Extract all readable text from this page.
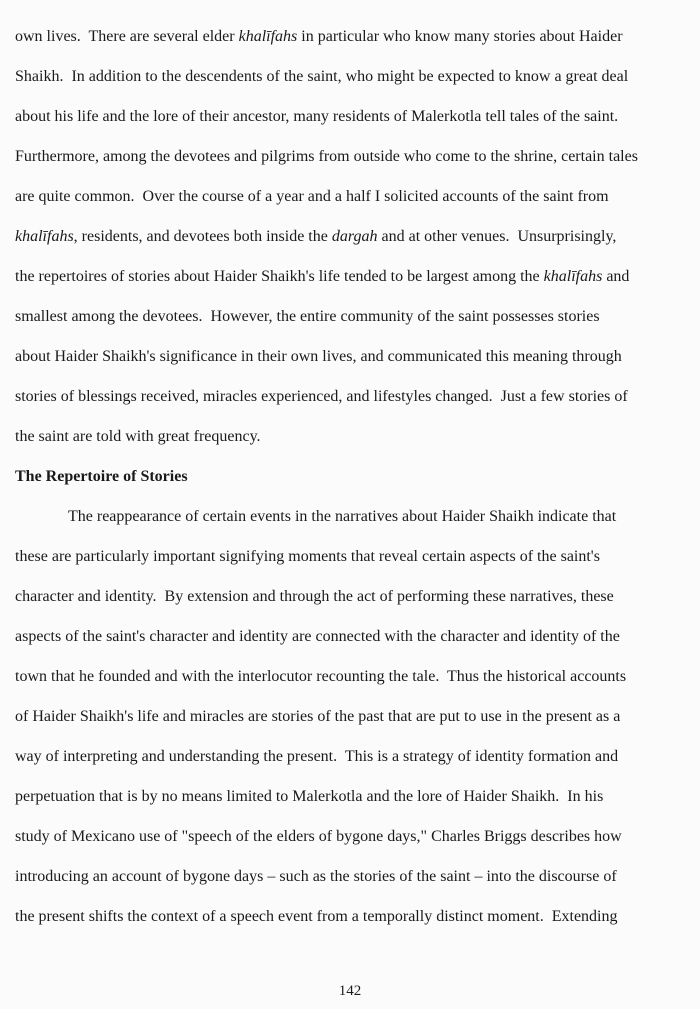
own lives.  There are several elder khalīfahs in particular who know many stories about Haider
Shaikh.  In addition to the descendents of the saint, who might be expected to know a great deal
about his life and the lore of their ancestor, many residents of Malerkotla tell tales of the saint.
Furthermore, among the devotees and pilgrims from outside who come to the shrine, certain tales
are quite common.  Over the course of a year and a half I solicited accounts of the saint from
khalīfahs, residents, and devotees both inside the dargah and at other venues.  Unsurprisingly,
the repertoires of stories about Haider Shaikh's life tended to be largest among the khalīfahs and
smallest among the devotees.  However, the entire community of the saint possesses stories
about Haider Shaikh's significance in their own lives, and communicated this meaning through
stories of blessings received, miracles experienced, and lifestyles changed.  Just a few stories of
the saint are told with great frequency.
The Repertoire of Stories
The reappearance of certain events in the narratives about Haider Shaikh indicate that
these are particularly important signifying moments that reveal certain aspects of the saint's
character and identity.  By extension and through the act of performing these narratives, these
aspects of the saint's character and identity are connected with the character and identity of the
town that he founded and with the interlocutor recounting the tale.  Thus the historical accounts
of Haider Shaikh's life and miracles are stories of the past that are put to use in the present as a
way of interpreting and understanding the present.  This is a strategy of identity formation and
perpetuation that is by no means limited to Malerkotla and the lore of Haider Shaikh.  In his
study of Mexicano use of "speech of the elders of bygone days," Charles Briggs describes how
introducing an account of bygone days – such as the stories of the saint – into the discourse of
the present shifts the context of a speech event from a temporally distinct moment.  Extending
142
